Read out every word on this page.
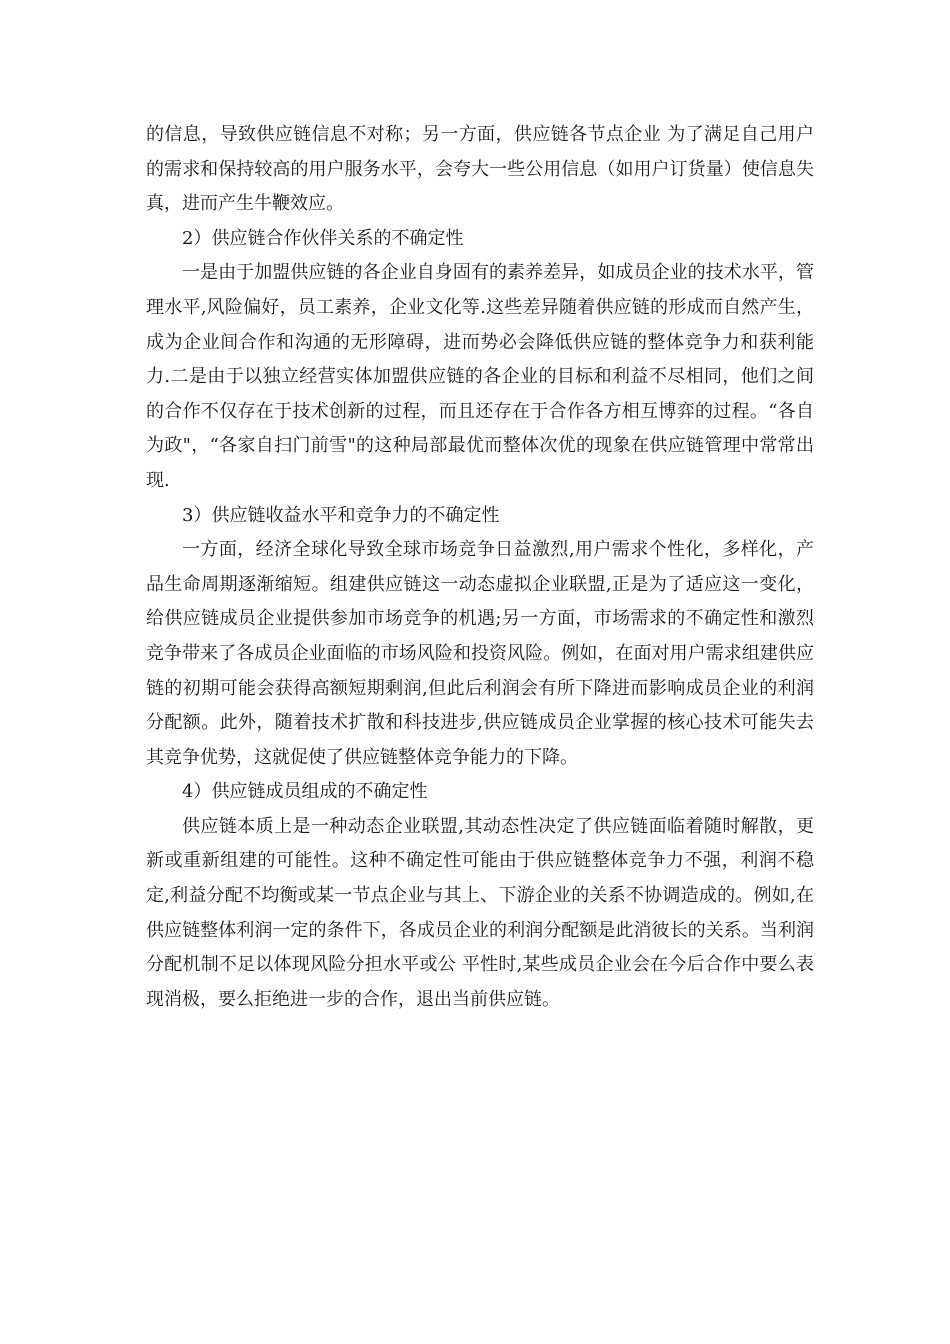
的信息，导致供应链信息不对称；另一方面，供应链各节点企业 为了满足自己用户的需求和保持较高的用户服务水平，会夸大一些公用信息（如用户订货量）使信息失真，进而产生牛鞭效应。

2）供应链合作伙伴关系的不确定性

一是由于加盟供应链的各企业自身固有的素养差异，如成员企业的技术水平，管理水平,风险偏好，员工素养，企业文化等.这些差异随着供应链的形成而自然产生，成为企业间合作和沟通的无形障碍，进而势必会降低供应链的整体竞争力和获利能力.二是由于以独立经营实体加盟供应链的各企业的目标和利益不尽相同，他们之间的合作不仅存在于技术创新的过程，而且还存在于合作各方相互博弈的过程。“各自为政"，“各家自扫门前雪"的这种局部最优而整体次优的现象在供应链管理中常常出现.

3）供应链收益水平和竞争力的不确定性

一方面，经济全球化导致全球市场竞争日益激烈,用户需求个性化，多样化，产品生命周期逐渐缩短。组建供应链这一动态虚拟企业联盟,正是为了适应这一变化，给供应链成员企业提供参加市场竞争的机遇;另一方面，市场需求的不确定性和激烈竞争带来了各成员企业面临的市场风险和投资风险。例如，在面对用户需求组建供应链的初期可能会获得高额短期剩润,但此后利润会有所下降进而影响成员企业的利润分配额。此外，随着技术扩散和科技进步,供应链成员企业掌握的核心技术可能失去其竞争优势，这就促使了供应链整体竞争能力的下降。

4）供应链成员组成的不确定性

供应链本质上是一种动态企业联盟,其动态性决定了供应链面临着随时解散，更新或重新组建的可能性。这种不确定性可能由于供应链整体竞争力不强，利润不稳定,利益分配不均衡或某一节点企业与其上、下游企业的关系不协调造成的。例如,在供应链整体利润一定的条件下，各成员企业的利润分配额是此消彼长的关系。当利润分配机制不足以体现风险分担水平或公 平性时,某些成员企业会在今后合作中要么表现消极，要么拒绝进一步的合作，退出当前供应链。
